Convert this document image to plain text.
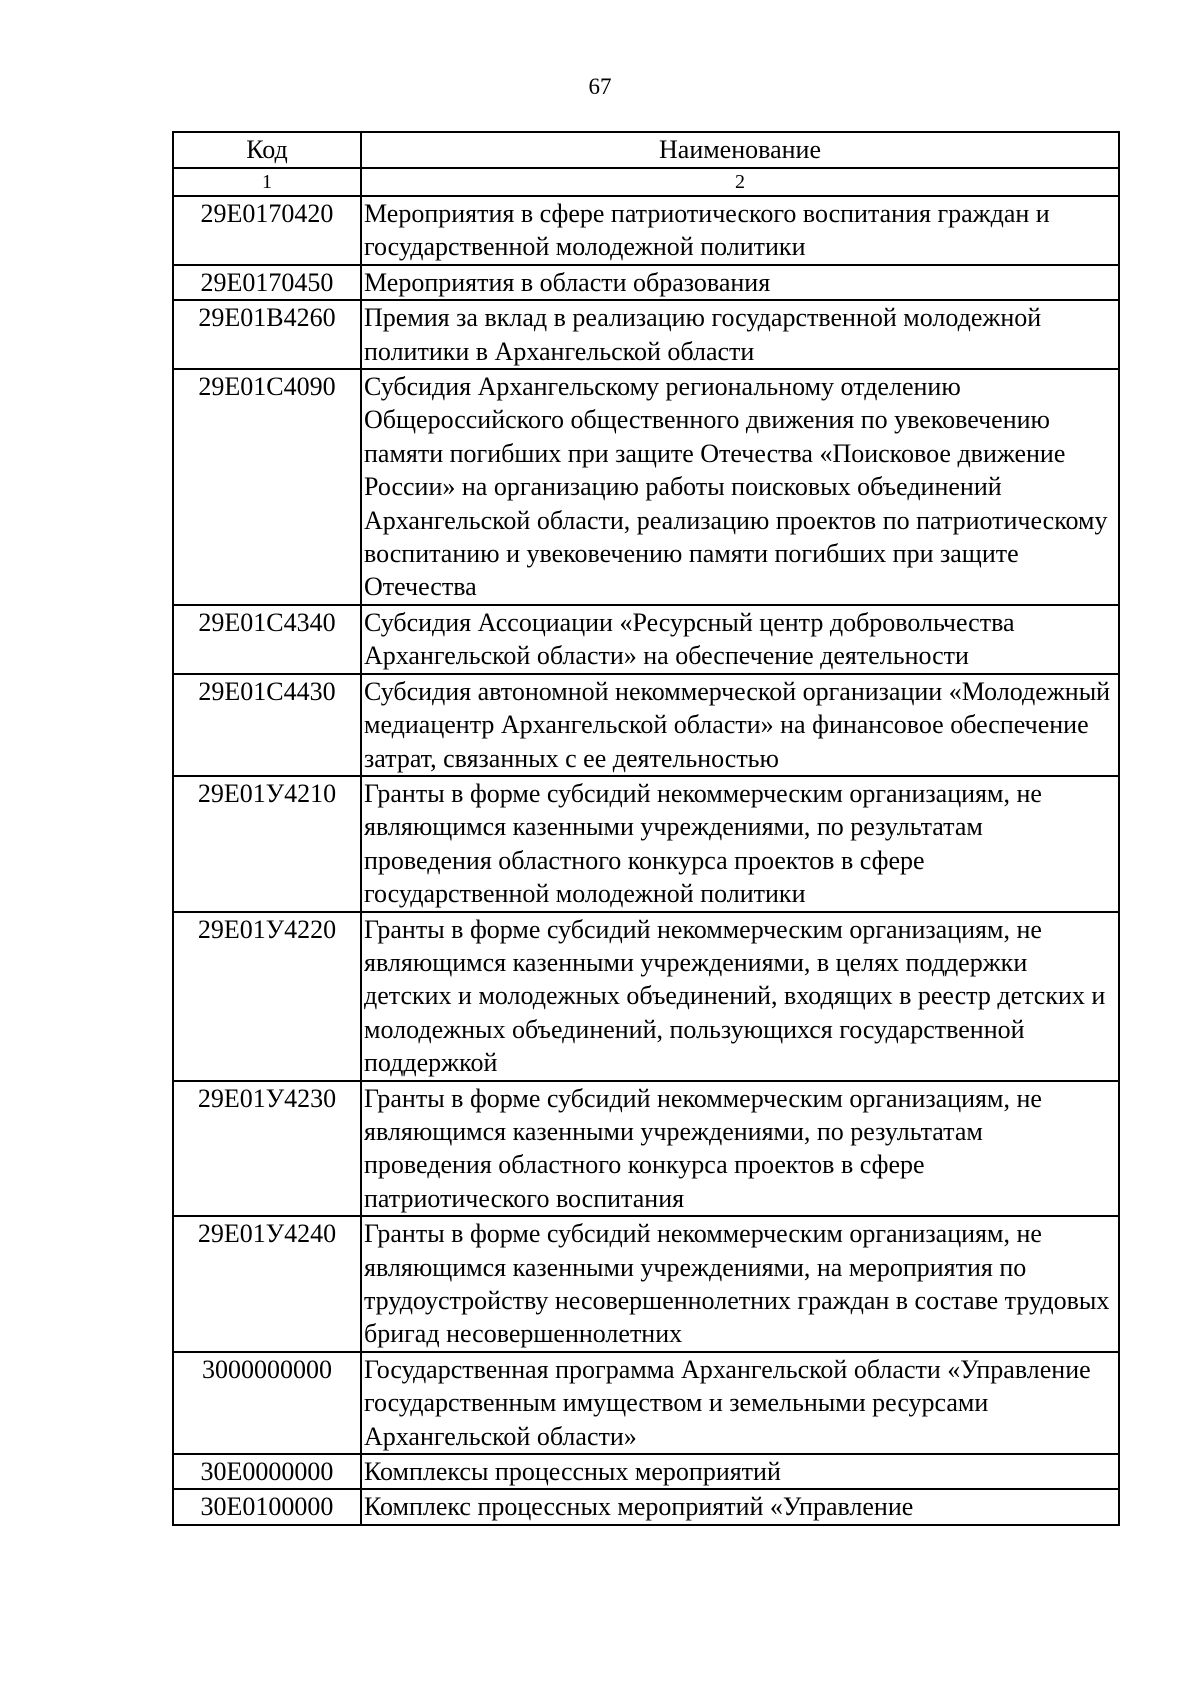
67
Код	Наименование
1	2
29Е0170420	Мероприятия в сфере патриотического воспитания граждан и государственной молодежной политики
29Е0170450	Мероприятия в области образования
29Е01В4260	Премия за вклад в реализацию государственной молодежной политики в Архангельской области
29Е01С4090	Субсидия Архангельскому региональному отделению Общероссийского общественного движения по увековечению памяти погибших при защите Отечества «Поисковое движение России» на организацию работы поисковых объединений Архангельской области, реализацию проектов по патриотическому воспитанию и увековечению памяти погибших при защите Отечества
29Е01С4340	Субсидия Ассоциации «Ресурсный центр добровольчества Архангельской области» на обеспечение деятельности
29Е01С4430	Субсидия автономной некоммерческой организации «Молодежный медиацентр Архангельской области» на финансовое обеспечение затрат, связанных с ее деятельностью
29Е01У4210	Гранты в форме субсидий некоммерческим организациям, не являющимся казенными учреждениями, по результатам проведения областного конкурса проектов в сфере государственной молодежной политики
29Е01У4220	Гранты в форме субсидий некоммерческим организациям, не являющимся казенными учреждениями, в целях поддержки детских и молодежных объединений, входящих в реестр детских и молодежных объединений, пользующихся государственной поддержкой
29Е01У4230	Гранты в форме субсидий некоммерческим организациям, не являющимся казенными учреждениями, по результатам проведения областного конкурса проектов в сфере патриотического воспитания
29Е01У4240	Гранты в форме субсидий некоммерческим организациям, не являющимся казенными учреждениями, на мероприятия по трудоустройству несовершеннолетних граждан в составе трудовых бригад несовершеннолетних
3000000000	Государственная программа Архангельской области «Управление государственным имуществом и земельными ресурсами Архангельской области»
30Е0000000	Комплексы процессных мероприятий
30Е0100000	Комплекс процессных мероприятий «Управление
